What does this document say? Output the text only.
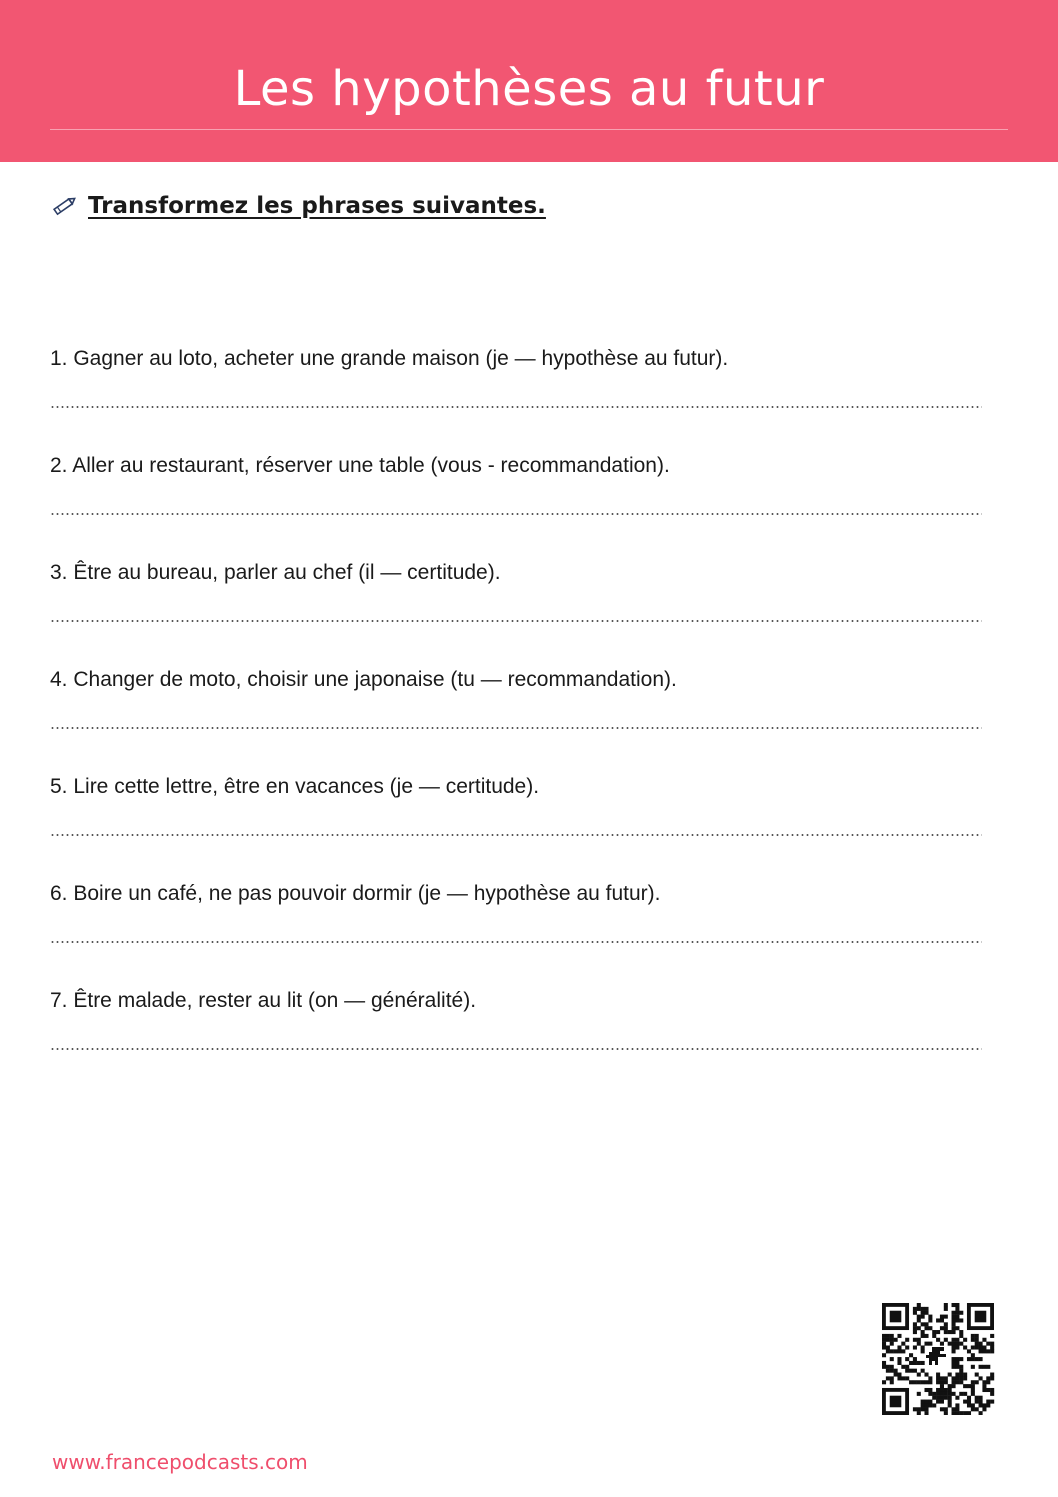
Les hypothèses au futur
Transformez les phrases suivantes.
1. Gagner au loto, acheter une grande maison (je — hypothèse au futur).
2. Aller au restaurant, réserver une table (vous - recommandation).
3. Être au bureau, parler au chef (il — certitude).
4. Changer de moto, choisir une japonaise (tu — recommandation).
5. Lire cette lettre, être en vacances (je — certitude).
6. Boire un café, ne pas pouvoir dormir (je — hypothèse au futur).
7. Être malade, rester au lit (on — généralité).
www.francepodcasts.com
